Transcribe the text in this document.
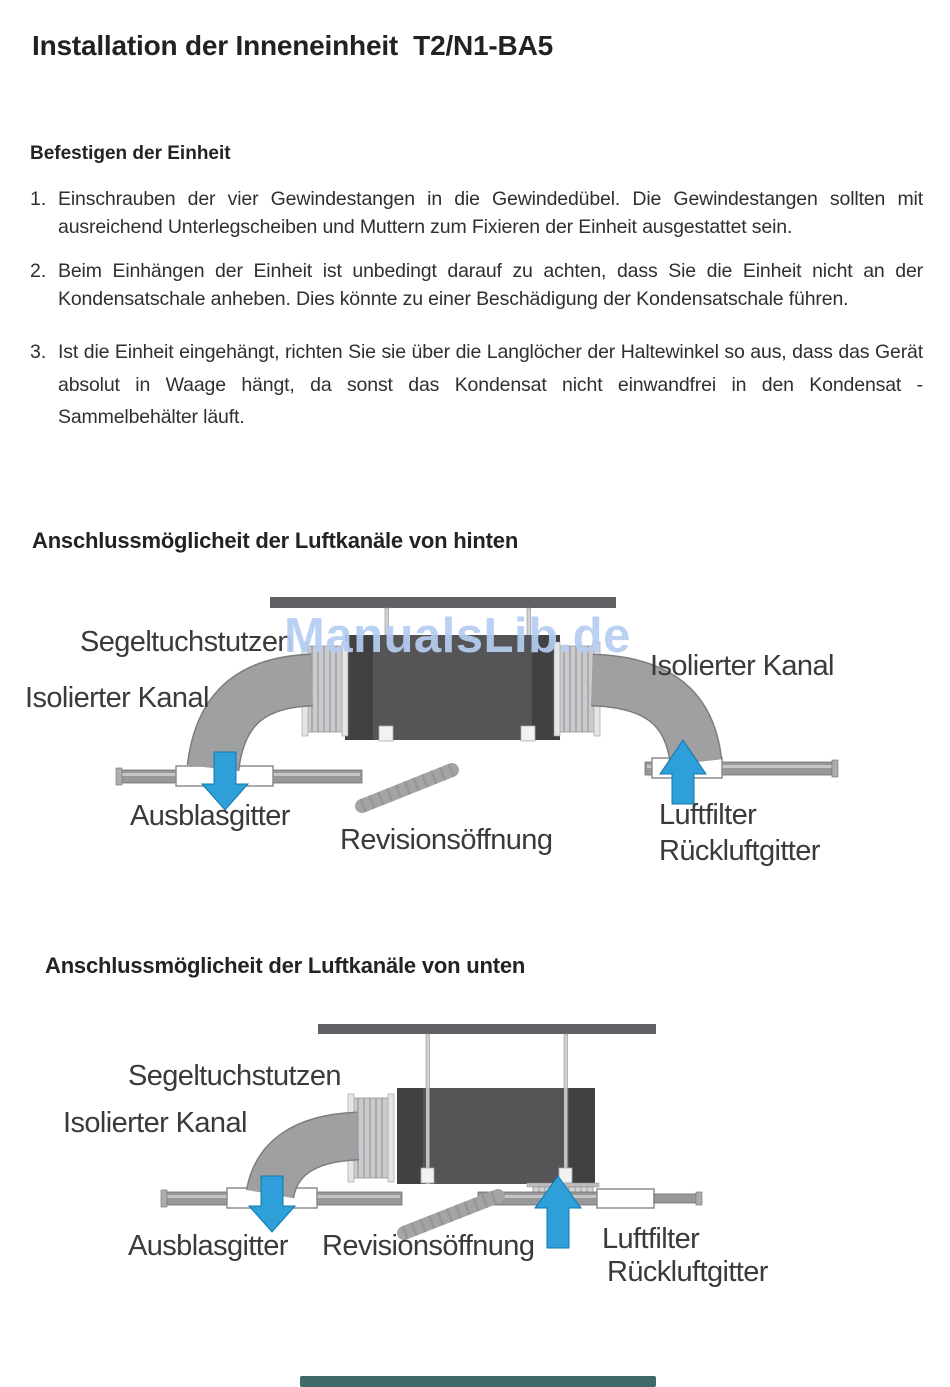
Installation der Inneneinheit  T2/N1-BA5
Befestigen der Einheit
1. Einschrauben der vier Gewindestangen in die Gewindedübel. Die Gewindestangen sollten mit ausreichend Unterlegscheiben und Muttern zum Fixieren der Einheit ausgestattet sein.
2. Beim Einhängen der Einheit ist unbedingt darauf zu achten, dass Sie die Einheit nicht an der Kondensatschale anheben. Dies könnte zu einer Beschädigung der Kondensatschale führen.
3. Ist die Einheit eingehängt, richten Sie sie über die Langlöcher der Haltewinkel so aus, dass das Gerät absolut in Waage hängt, da sonst das Kondensat nicht einwandfrei in den Kondensat - Sammelbehälter läuft.
Anschlussmöglicheit der Luftkanäle von hinten
ManualsLib.de
Segeltuchstutzen
Isolierter Kanal
Isolierter Kanal
Ausblasgitter
Revisionsöffnung
Luftfilter
Rückluftgitter
Anschlussmöglicheit der Luftkanäle von unten
Segeltuchstutzen
Isolierter Kanal
Ausblasgitter Revisionsöffnung Luftfilter
Rückluftgitter
